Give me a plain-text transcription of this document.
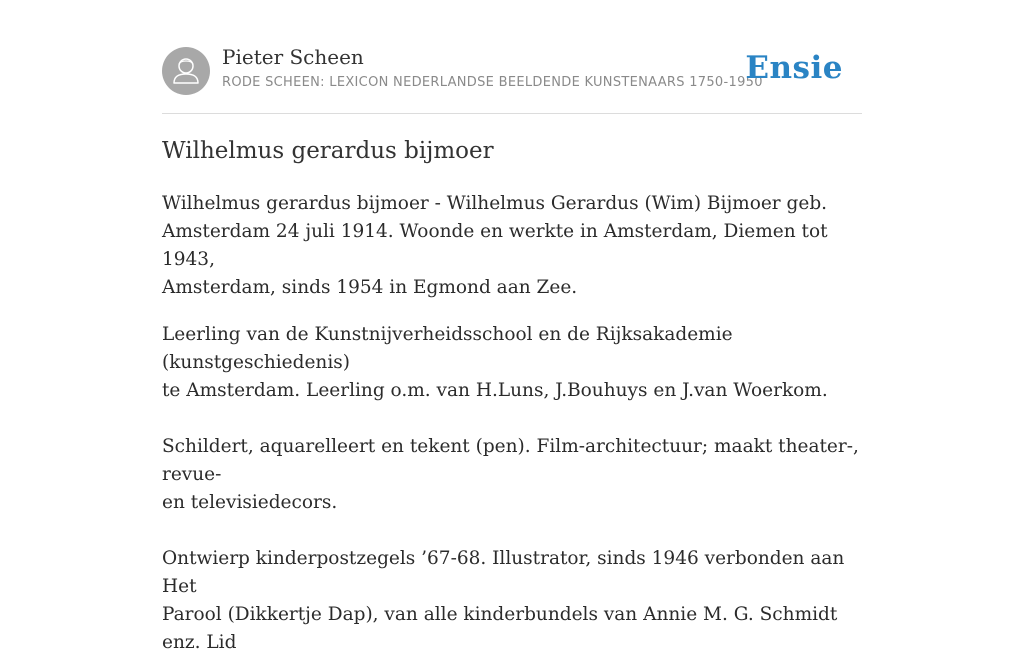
Pieter Scheen
RODE SCHEEN: LEXICON NEDERLANDSE BEELDENDE KUNSTENAARS 1750-1950
Ensie
Wilhelmus gerardus bijmoer

Wilhelmus gerardus bijmoer - Wilhelmus Gerardus (Wim) Bijmoer geb.
Amsterdam 24 juli 1914. Woonde en werkte in Amsterdam, Diemen tot 1943,
Amsterdam, sinds 1954 in Egmond aan Zee.

Leerling van de Kunstnijverheidsschool en de Rijksakademie (kunstgeschiedenis)
te Amsterdam. Leerling o.m. van H.Luns, J.Bouhuys en J.van Woerkom.

Schildert, aquarelleert en tekent (pen). Film-architectuur; maakt theater-, revue-
en televisiedecors.

Ontwierp kinderpostzegels ’67-68. Illustrator, sinds 1946 verbonden aan Het
Parool (Dikkertje Dap), van alle kinderbundels van Annie M. G. Schmidt enz. Lid
